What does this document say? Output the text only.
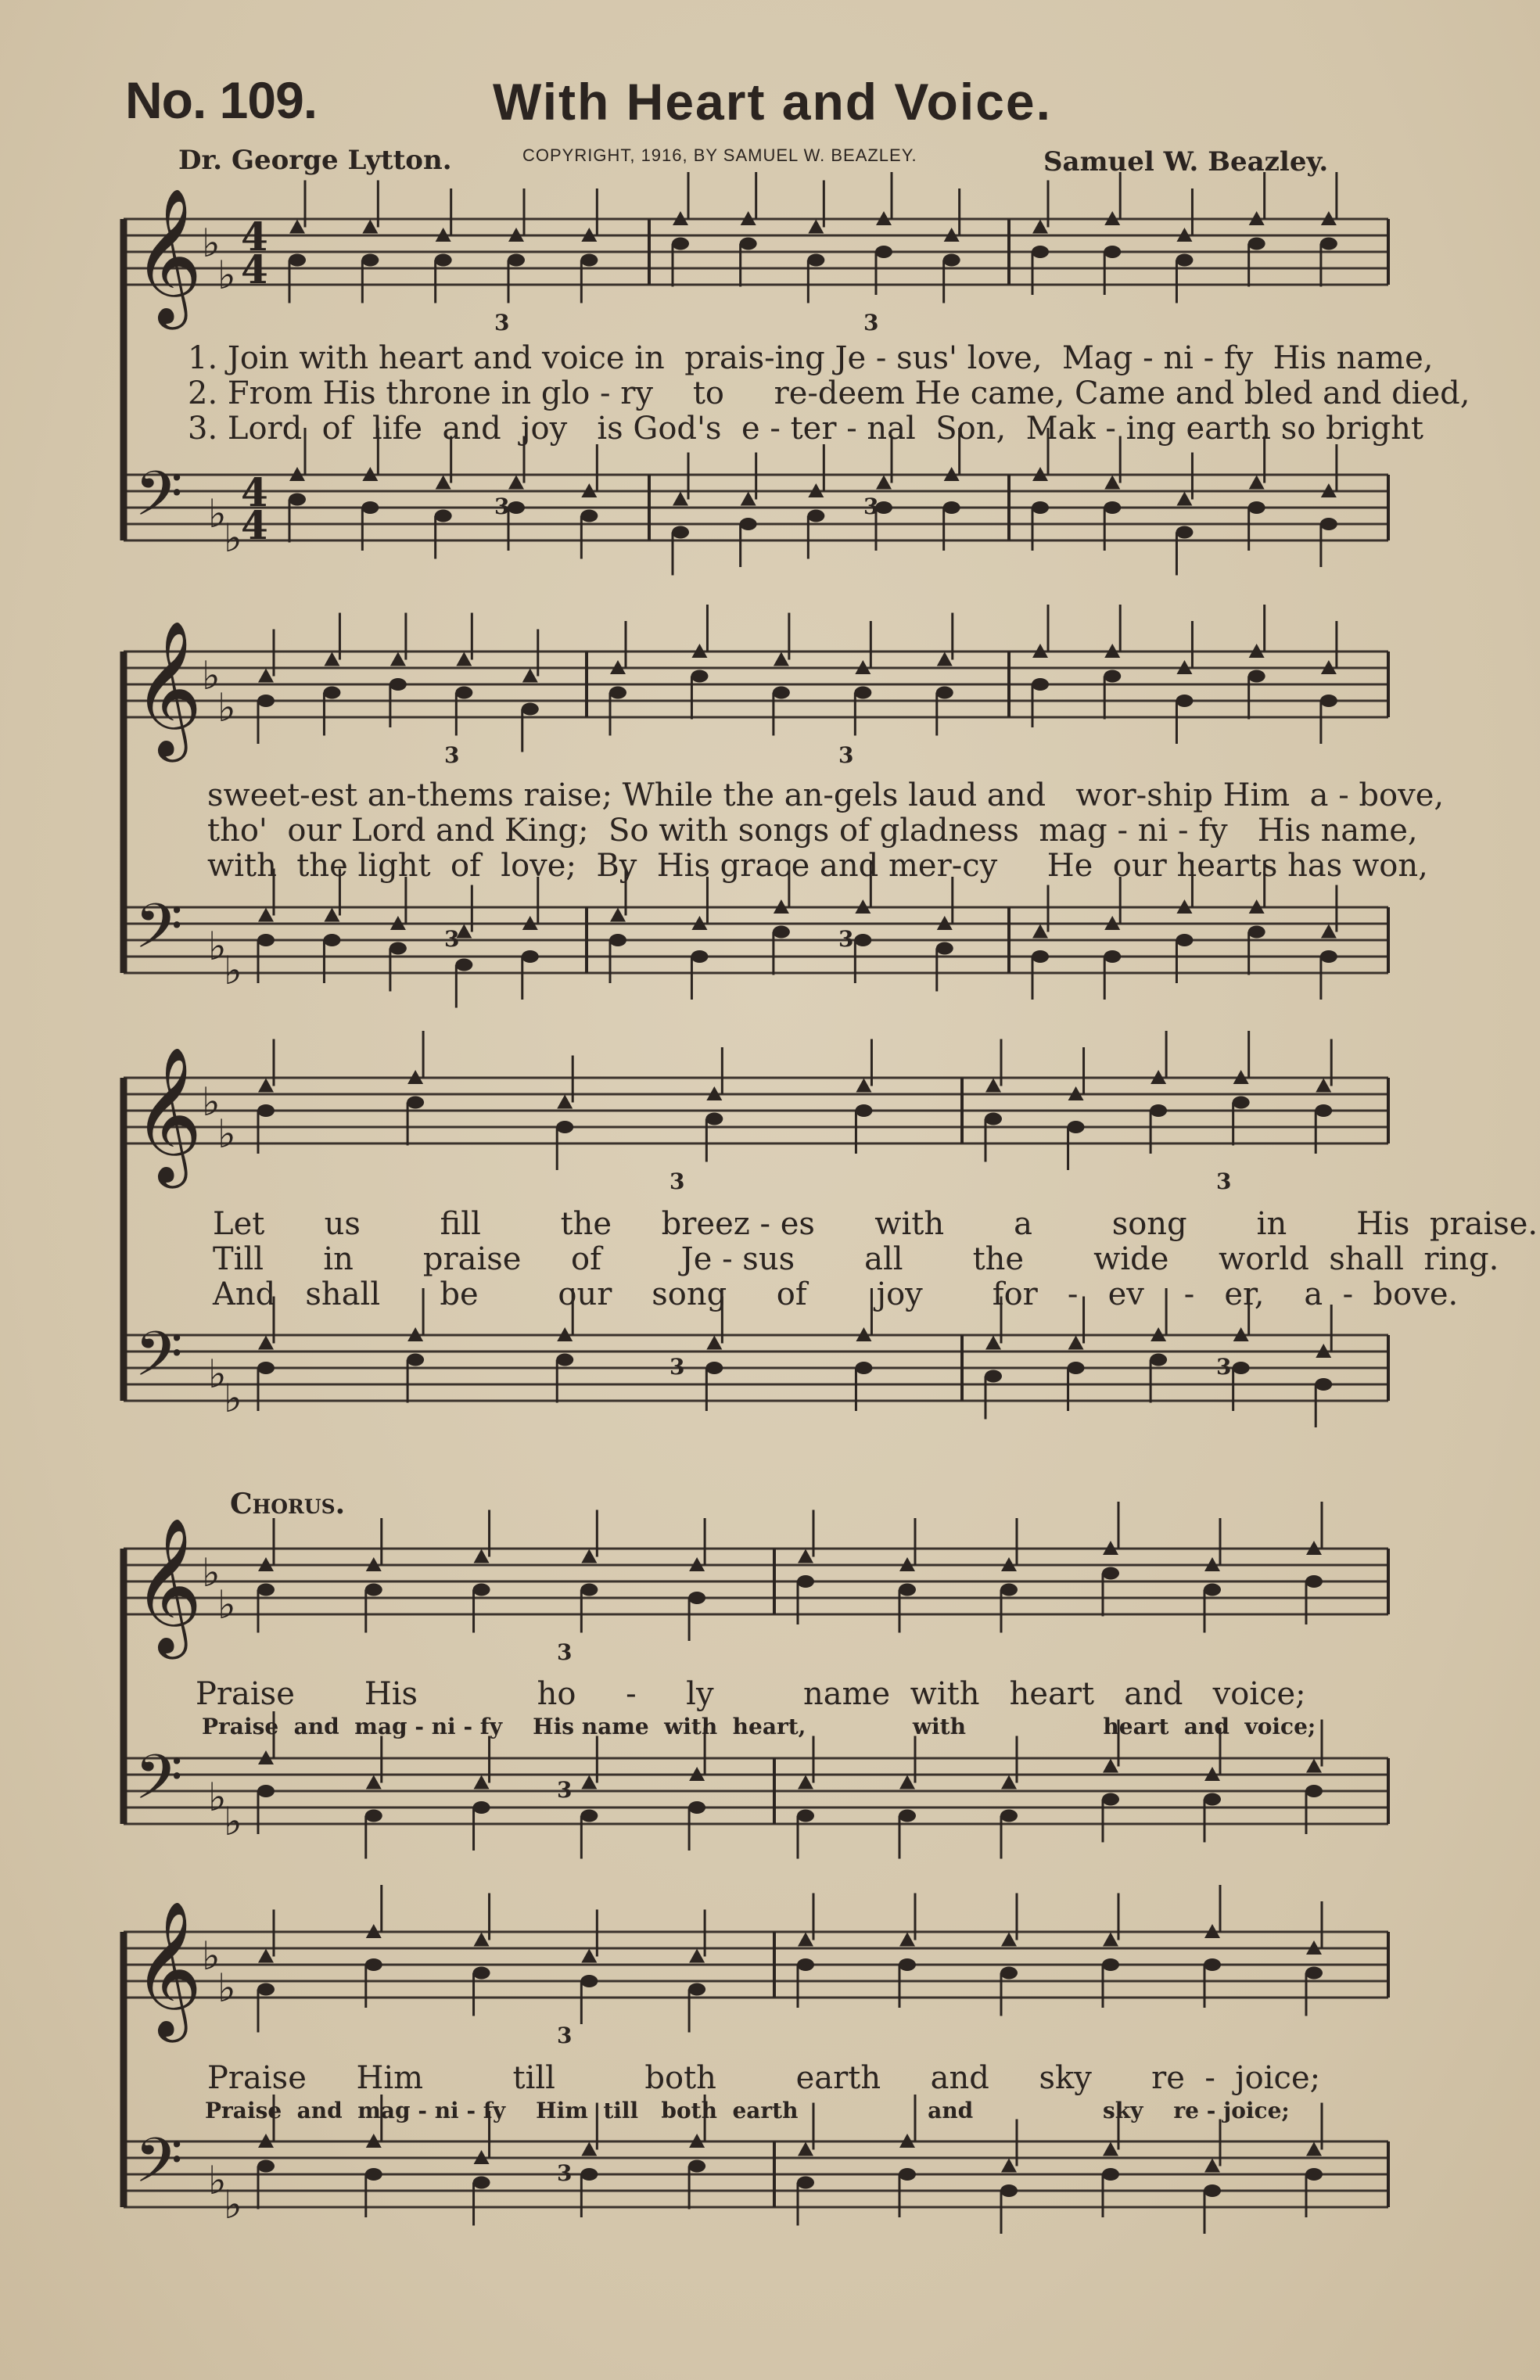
No. 109.	With Heart and Voice.
Dr. George Lytton.	COPYRIGHT, 1916, BY SAMUEL W. BEAZLEY.	Samuel W. Beazley.
𝄞
𝄢
♭
♭
♭
♭
4
4
4
4
3
3
3
3
𝄞
𝄢
♭
♭
♭
♭
3
3
3
3
𝄞
𝄢
♭
♭
♭
♭
3
3
3
3
𝄞
𝄢
♭
♭
♭
♭
3
3
𝄞
𝄢
♭
♭
♭
♭
3
3
1. Join with heart and voice in  prais-ing Je - sus' love,  Mag - ni - fy  His name,
2. From His throne in glo - ry    to     re-deem He came, Came and bled and died,
3. Lord  of  life  and  joy   is God's  e - ter - nal  Son,  Mak - ing earth so bright
sweet-est an-thems raise; While the an-gels laud and   wor-ship Him  a - bove,
tho'  our Lord and King;  So with songs of gladness  mag - ni - fy   His name,
with  the light  of  love;  By  His grace and mer-cy     He  our hearts has won,
Let      us        fill        the     breez - es      with       a        song       in       His  praise.
Till      in       praise     of        Je - sus       all       the       wide     world  shall  ring.
And   shall      be        our    song     of       joy       for   -   ev    -   er,    a  -  bove.
Chorus.
Praise       His            ho     -     ly         name  with   heart   and   voice;
Praise  and  mag - ni - fy    His name  with  heart,              with                  heart  and  voice;
Praise     Him         till         both        earth     and     sky      re  -  joice;
Praise  and  mag - ni - fy    Him  till   both  earth                 and                 sky    re - joice;
